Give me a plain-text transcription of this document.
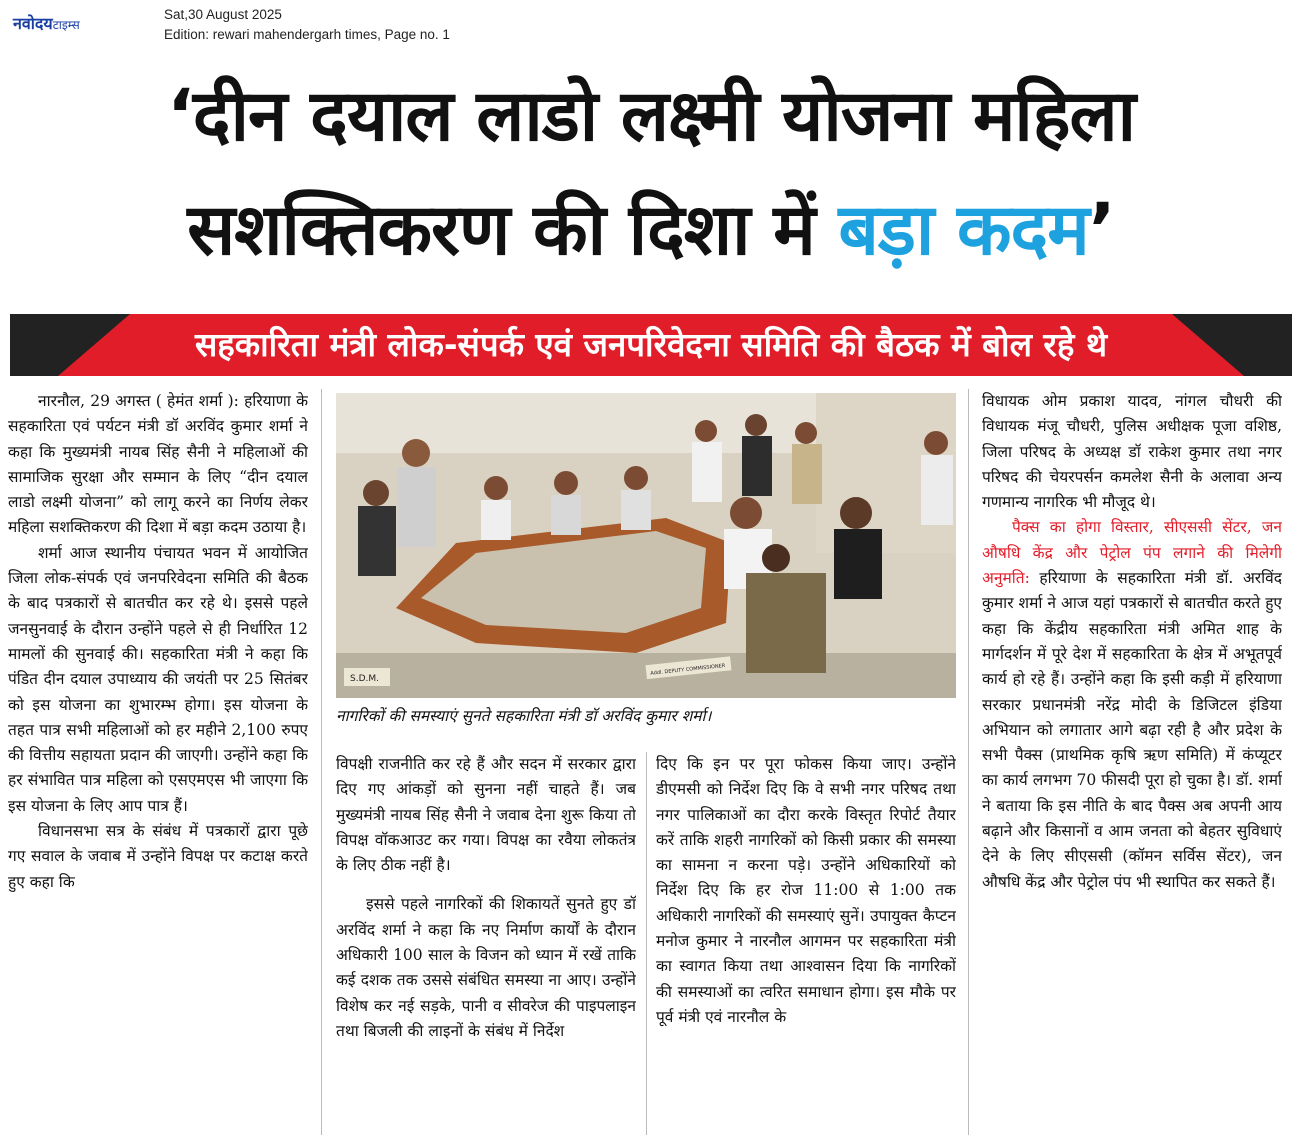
नवोदयटाइम्स
Sat,30 August 2025
Edition: rewari mahendergarh times, Page no. 1
‘दीन दयाल लाडो लक्ष्मी योजना महिला
सशक्तिकरण की दिशा में बड़ा कदम’
सहकारिता मंत्री लोक-संपर्क एवं जनपरिवेदना समिति की बैठक में बोल रहे थे

नारनौल, 29 अगस्त ( हेमंत शर्मा ): हरियाणा के सहकारिता एवं पर्यटन मंत्री डॉ अरविंद कुमार शर्मा ने कहा कि मुख्यमंत्री नायब सिंह सैनी ने महिलाओं की सामाजिक सुरक्षा और सम्मान के लिए “दीन दयाल लाडो लक्ष्मी योजना” को लागू करने का निर्णय लेकर महिला सशक्तिकरण की दिशा में बड़ा कदम उठाया है।

शर्मा आज स्थानीय पंचायत भवन में आयोजित जिला लोक-संपर्क एवं जनपरिवेदना समिति की बैठक के बाद पत्रकारों से बातचीत कर रहे थे। इससे पहले जनसुनवाई के दौरान उन्होंने पहले से ही निर्धारित 12 मामलों की सुनवाई की। सहकारिता मंत्री ने कहा कि पंडित दीन दयाल उपाध्याय की जयंती पर 25 सितंबर को इस योजना का शुभारम्भ होगा। इस योजना के तहत पात्र सभी महिलाओं को हर महीने 2,100 रुपए की वित्तीय सहायता प्रदान की जाएगी। उन्होंने कहा कि हर संभावित पात्र महिला को एसएमएस भी जाएगा कि इस योजना के लिए आप पात्र हैं।

विधानसभा सत्र के संबंध में पत्रकारों द्वारा पूछे गए सवाल के जवाब में उन्होंने विपक्ष पर कटाक्ष करते हुए कहा कि

S.D.M.
Addl. DEPUTY COMMISSIONER
नागरिकों की समस्याएं सुनते सहकारिता मंत्री डॉ अरविंद कुमार शर्मा।

विपक्षी राजनीति कर रहे हैं और सदन में सरकार द्वारा दिए गए आंकड़ों को सुनना नहीं चाहते हैं। जब मुख्यमंत्री नायब सिंह सैनी ने जवाब देना शुरू किया तो विपक्ष वॉकआउट कर गया। विपक्ष का रवैया लोकतंत्र के लिए ठीक नहीं है।

इससे पहले नागरिकों की शिकायतें सुनते हुए डॉ अरविंद शर्मा ने कहा कि नए निर्माण कार्यों के दौरान अधिकारी 100 साल के विजन को ध्यान में रखें ताकि कई दशक तक उससे संबंधित समस्या ना आए। उन्होंने विशेष कर नई सड़के, पानी व सीवरेज की पाइपलाइन तथा बिजली की लाइनों के संबंध में निर्देश

दिए कि इन पर पूरा फोकस किया जाए। उन्होंने डीएमसी को निर्देश दिए कि वे सभी नगर परिषद तथा नगर पालिकाओं का दौरा करके विस्तृत रिपोर्ट तैयार करें ताकि शहरी नागरिकों को किसी प्रकार की समस्या का सामना न करना पड़े। उन्होंने अधिकारियों को निर्देश दिए कि हर रोज 11:00 से 1:00 तक अधिकारी नागरिकों की समस्याएं सुनें। उपायुक्त कैप्टन मनोज कुमार ने नारनौल आगमन पर सहकारिता मंत्री का स्वागत किया तथा आश्वासन दिया कि नागरिकों की समस्याओं का त्वरित समाधान होगा। इस मौके पर पूर्व मंत्री एवं नारनौल के

विधायक ओम प्रकाश यादव, नांगल चौधरी की विधायक मंजू चौधरी, पुलिस अधीक्षक पूजा वशिष्ठ, जिला परिषद के अध्यक्ष डॉ राकेश कुमार तथा नगर परिषद की चेयरपर्सन कमलेश सैनी के अलावा अन्य गणमान्य नागरिक भी मौजूद थे।

पैक्स का होगा विस्तार, सीएससी सेंटर, जन औषधि केंद्र और पेट्रोल पंप लगाने की मिलेगी अनुमति: हरियाणा के सहकारिता मंत्री डॉ. अरविंद कुमार शर्मा ने आज यहां पत्रकारों से बातचीत करते हुए कहा कि केंद्रीय सहकारिता मंत्री अमित शाह के मार्गदर्शन में पूरे देश में सहकारिता के क्षेत्र में अभूतपूर्व कार्य हो रहे हैं। उन्होंने कहा कि इसी कड़ी में हरियाणा सरकार प्रधानमंत्री नरेंद्र मोदी के डिजिटल इंडिया अभियान को लगातार आगे बढ़ा रही है और प्रदेश के सभी पैक्स (प्राथमिक कृषि ऋण समिति) में कंप्यूटर का कार्य लगभग 70 फीसदी पूरा हो चुका है। डॉ. शर्मा ने बताया कि इस नीति के बाद पैक्स अब अपनी आय बढ़ाने और किसानों व आम जनता को बेहतर सुविधाएं देने के लिए सीएससी (कॉमन सर्विस सेंटर), जन औषधि केंद्र और पेट्रोल पंप भी स्थापित कर सकते हैं।
